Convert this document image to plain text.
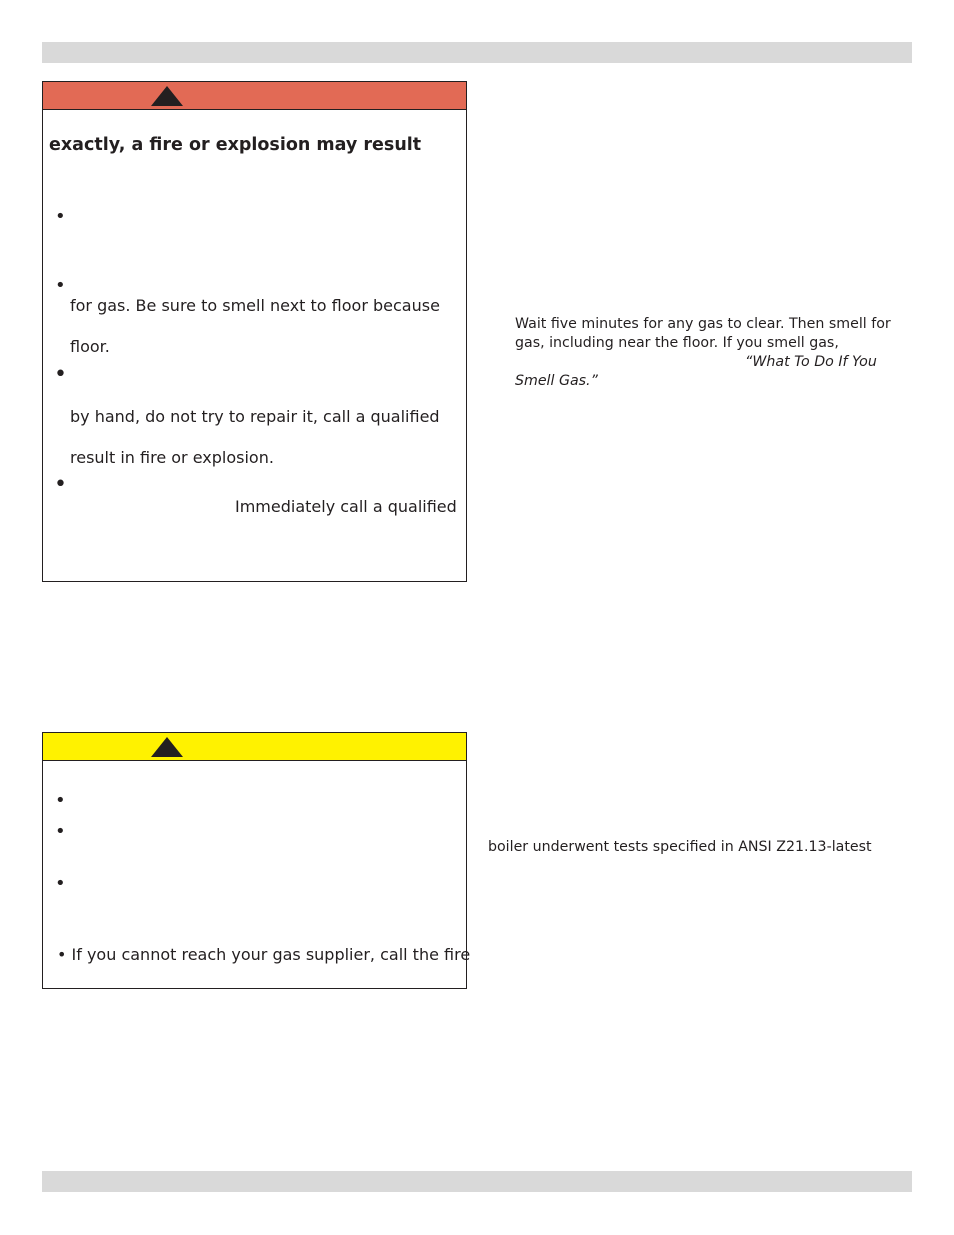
exactly, a fire or explosion may result
•
•
for gas. Be sure to smell next to floor because
floor.
•
by hand, do not try to repair it, call a qualified
result in fire or explosion.
•
Immediately call a qualified
•
•
•
• If you cannot reach your gas supplier, call the fire
Wait five minutes for any gas to clear. Then smell for
gas, including near the floor. If you smell gas,
“What To Do If You
Smell Gas.”
boiler underwent tests specified in ANSI Z21.13-latest
